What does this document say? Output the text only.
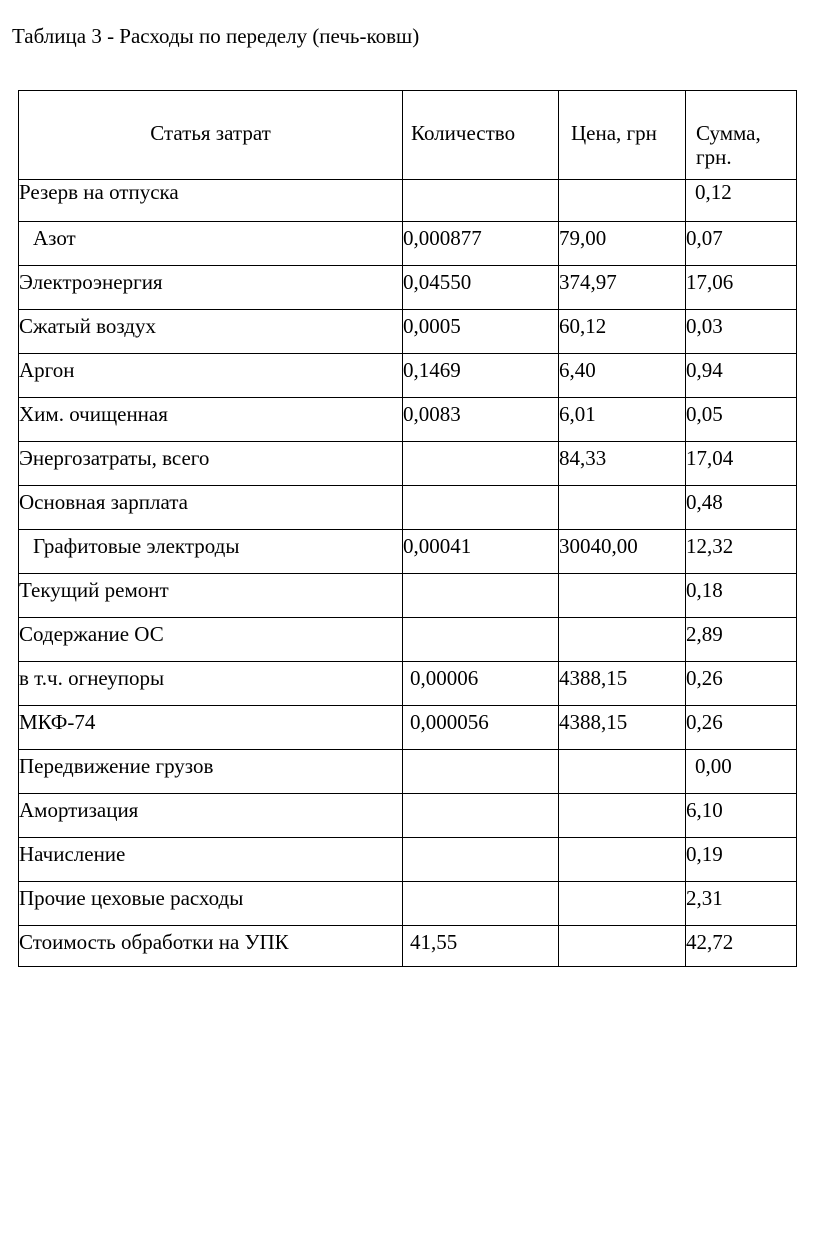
Таблица 3 - Расходы по переделу (печь-ковш)
Статья затрат	Количество	Цена, грн	Сумма, грн.
Резерв на отпуска			0,12
Азот	0,000877	79,00	0,07
Электроэнергия	0,04550	374,97	17,06
Сжатый воздух	0,0005	60,12	0,03
Аргон	0,1469	6,40	0,94
Хим. очищенная	0,0083	6,01	0,05
Энергозатраты, всего		84,33	17,04
Основная зарплата			0,48
Графитовые электроды	0,00041	30040,00	12,32
Текущий ремонт			0,18
Содержание ОС			2,89
в т.ч. огнеупоры	0,00006	4388,15	0,26
МКФ-74	0,000056	4388,15	0,26
Передвижение грузов			0,00
Амортизация			6,10
Начисление			0,19
Прочие цеховые расходы			2,31
Стоимость обработки на УПК	41,55		42,72
